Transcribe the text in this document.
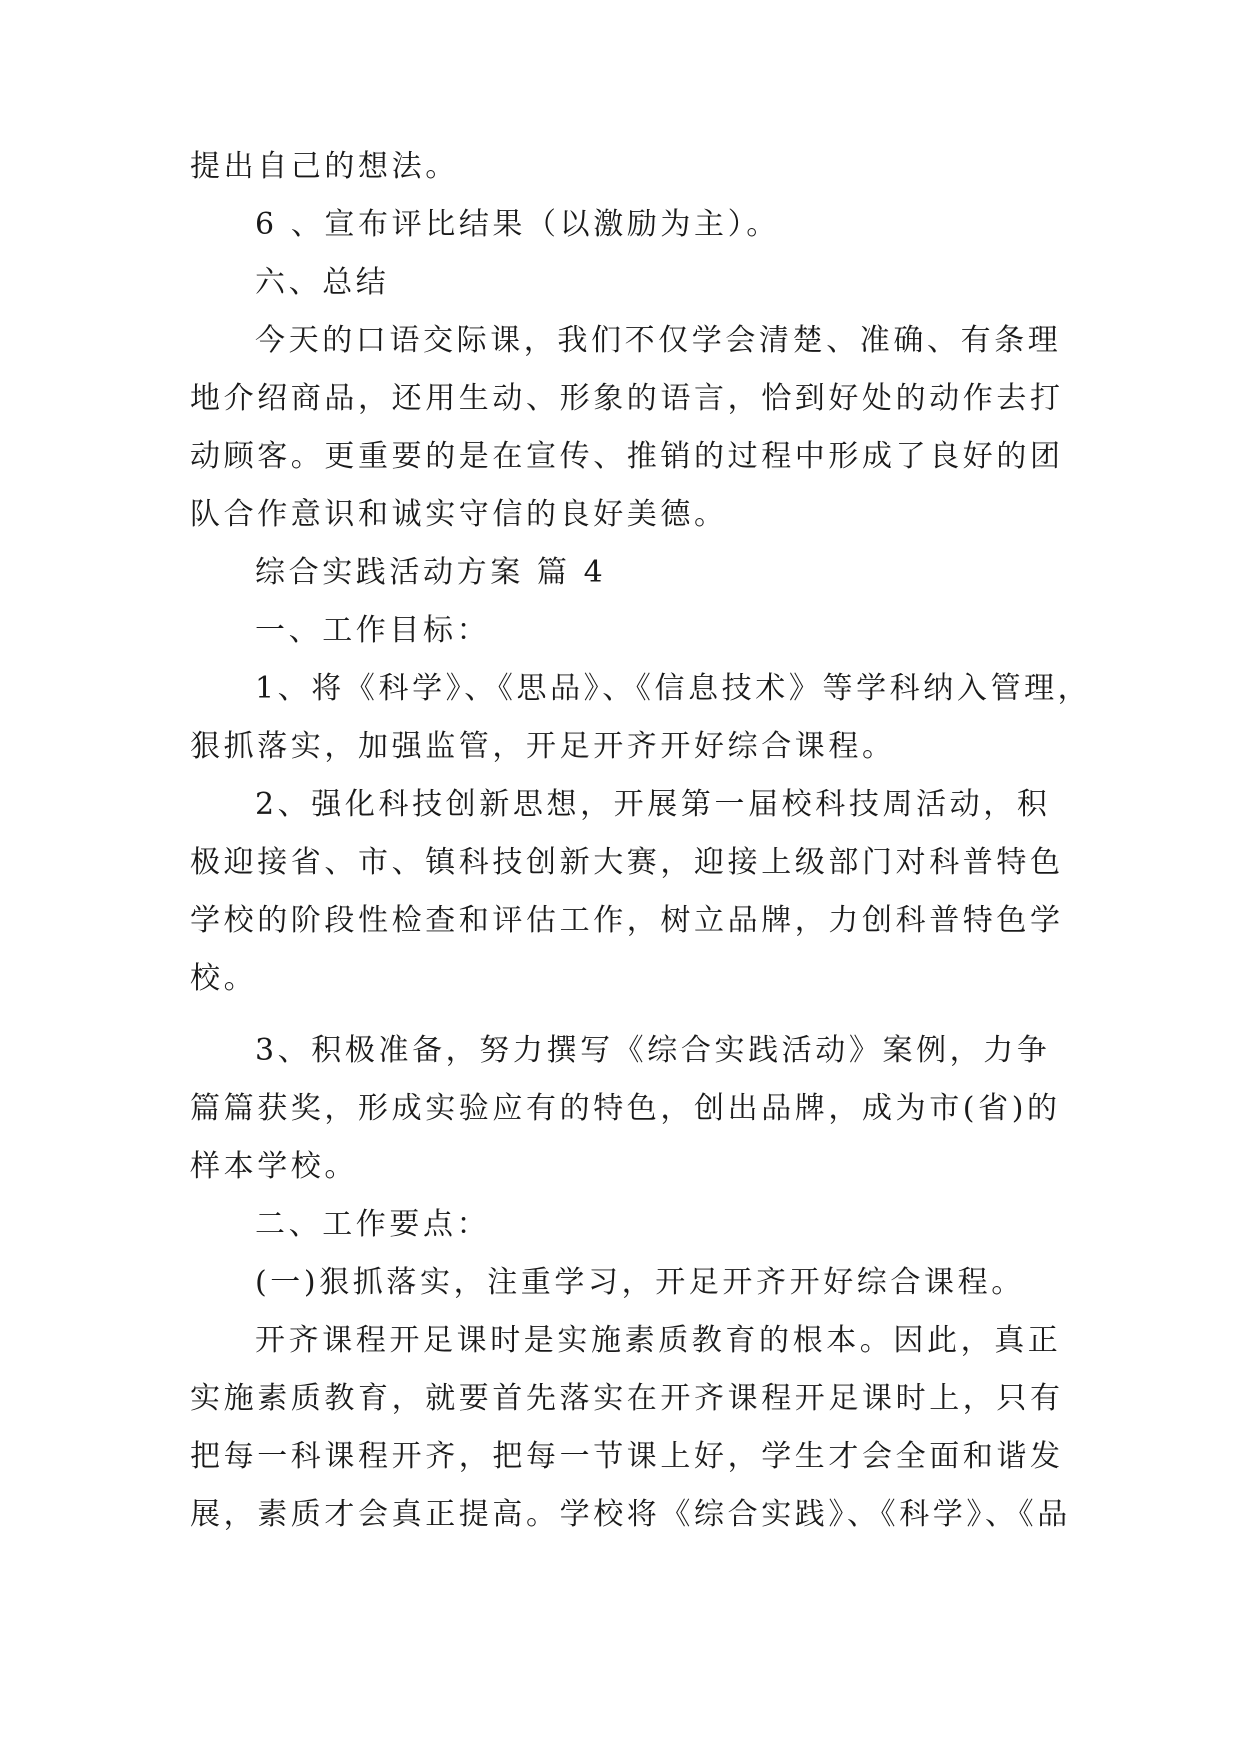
提出自己的想法。
6 、宣布评比结果（以激励为主）。
六、总结
今天的口语交际课，我们不仅学会清楚、准确、有条理
地介绍商品，还用生动、形象的语言，恰到好处的动作去打
动顾客。更重要的是在宣传、推销的过程中形成了良好的团
队合作意识和诚实守信的良好美德。
综合实践活动方案 篇 4
一、工作目标：
1、将《科学》、《思品》、《信息技术》等学科纳入管理，
狠抓落实，加强监管，开足开齐开好综合课程。
2、强化科技创新思想，开展第一届校科技周活动，积
极迎接省、市、镇科技创新大赛，迎接上级部门对科普特色
学校的阶段性检查和评估工作，树立品牌，力创科普特色学
校。
3、积极准备，努力撰写《综合实践活动》案例，力争
篇篇获奖，形成实验应有的特色，创出品牌，成为市(省)的
样本学校。
二、工作要点：
(一)狠抓落实，注重学习，开足开齐开好综合课程。
开齐课程开足课时是实施素质教育的根本。因此，真正
实施素质教育，就要首先落实在开齐课程开足课时上，只有
把每一科课程开齐，把每一节课上好，学生才会全面和谐发
展，素质才会真正提高。学校将《综合实践》、《科学》、《品
